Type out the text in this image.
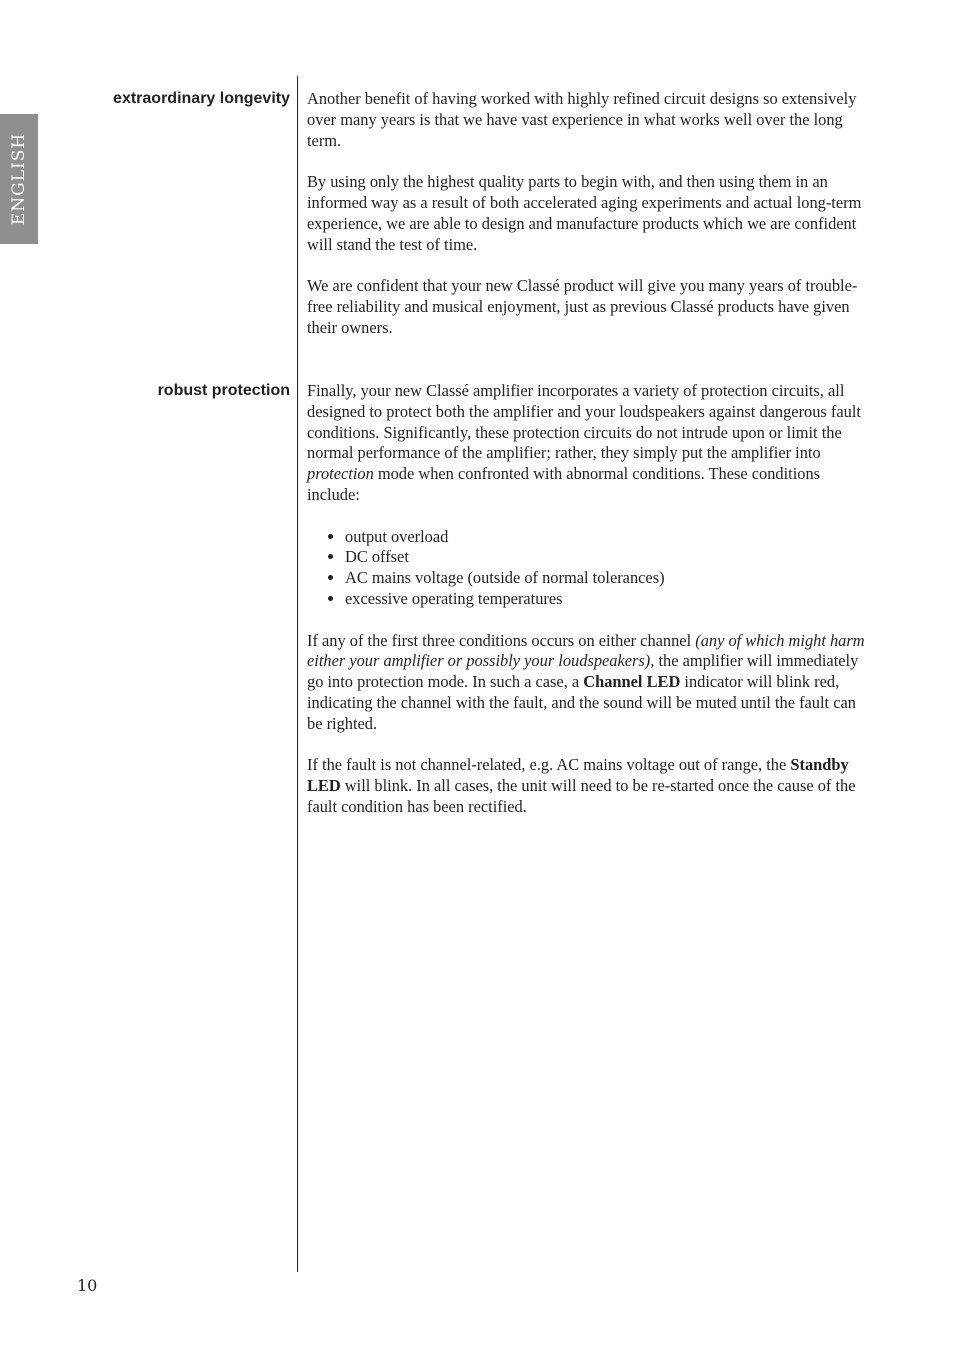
ENGLISH
extraordinary longevity Another benefit of having worked with highly refined circuit designs so extensively over many years is that we have vast experience in what works well over the long term.

By using only the highest quality parts to begin with, and then using them in an informed way as a result of both accelerated aging experiments and actual long-term experience, we are able to design and manufacture products which we are confident will stand the test of time.

We are confident that your new Classé product will give you many years of trouble-free reliability and musical enjoyment, just as previous Classé products have given their owners.

robust protection Finally, your new Classé amplifier incorporates a variety of protection circuits, all designed to protect both the amplifier and your loudspeakers against dangerous fault conditions. Significantly, these protection circuits do not intrude upon or limit the normal performance of the amplifier; rather, they simply put the amplifier into protection mode when confronted with abnormal conditions. These conditions include:

• output overload
• DC offset
• AC mains voltage (outside of normal tolerances)
• excessive operating temperatures

If any of the first three conditions occurs on either channel (any of which might harm either your amplifier or possibly your loudspeakers), the amplifier will immediately go into protection mode. In such a case, a Channel LED indicator will blink red, indicating the channel with the fault, and the sound will be muted until the fault can be righted.

If the fault is not channel-related, e.g. AC mains voltage out of range, the Standby LED will blink. In all cases, the unit will need to be re-started once the cause of the fault condition has been rectified.

10
